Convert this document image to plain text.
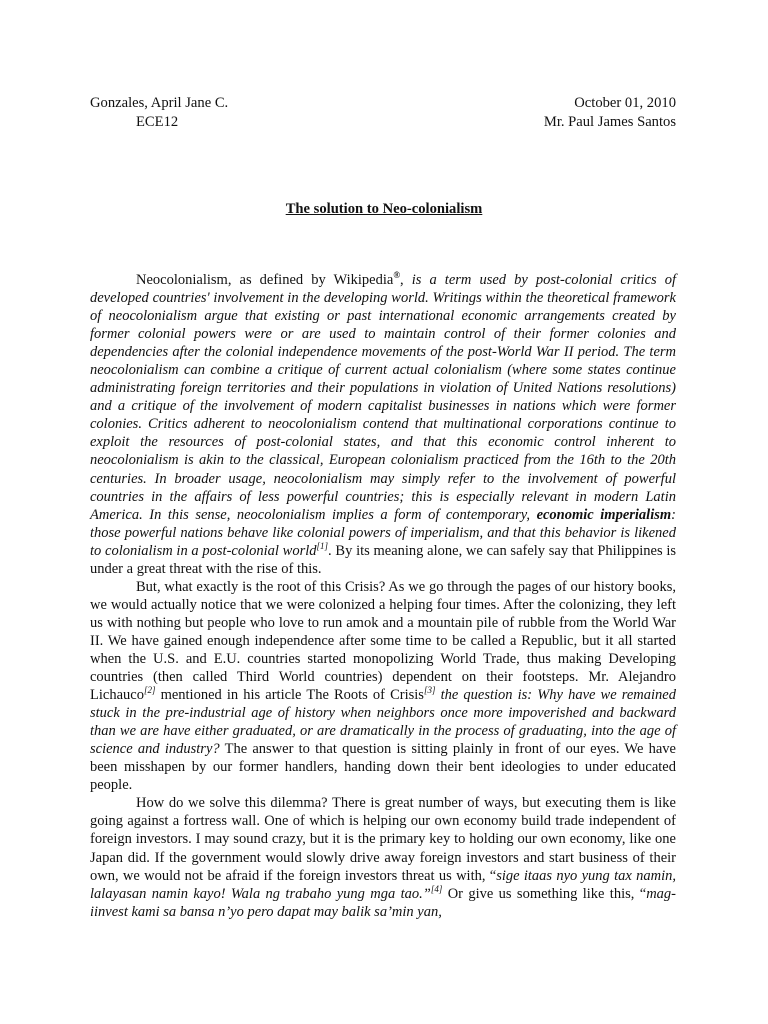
Gonzales, April Jane C.	October 01, 2010
ECE12	Mr. Paul James Santos
The solution to Neo-colonialism

Neocolonialism, as defined by Wikipedia®, is a term used by post-colonial critics of developed countries' involvement in the developing world. Writings within the theoretical framework of neocolonialism argue that existing or past international economic arrangements created by former colonial powers were or are used to maintain control of their former colonies and dependencies after the colonial independence movements of the post-World War II period. The term neocolonialism can combine a critique of current actual colonialism (where some states continue administrating foreign territories and their populations in violation of United Nations resolutions) and a critique of the involvement of modern capitalist businesses in nations which were former colonies. Critics adherent to neocolonialism contend that multinational corporations continue to exploit the resources of post-colonial states, and that this economic control inherent to neocolonialism is akin to the classical, European colonialism practiced from the 16th to the 20th centuries. In broader usage, neocolonialism may simply refer to the involvement of powerful countries in the affairs of less powerful countries; this is especially relevant in modern Latin America. In this sense, neocolonialism implies a form of contemporary, economic imperialism: those powerful nations behave like colonial powers of imperialism, and that this behavior is likened to colonialism in a post-colonial world[1]. By its meaning alone, we can safely say that Philippines is under a great threat with the rise of this.

But, what exactly is the root of this Crisis? As we go through the pages of our history books, we would actually notice that we were colonized a helping four times. After the colonizing, they left us with nothing but people who love to run amok and a mountain pile of rubble from the World War II. We have gained enough independence after some time to be called a Republic, but it all started when the U.S. and E.U. countries started monopolizing World Trade, thus making Developing countries (then called Third World countries) dependent on their footsteps. Mr. Alejandro Lichauco[2] mentioned in his article The Roots of Crisis[3] the question is: Why have we remained stuck in the pre-industrial age of history when neighbors once more impoverished and backward than we are have either graduated, or are dramatically in the process of graduating, into the age of science and industry? The answer to that question is sitting plainly in front of our eyes. We have been misshapen by our former handlers, handing down their bent ideologies to under educated people.

How do we solve this dilemma? There is great number of ways, but executing them is like going against a fortress wall. One of which is helping our own economy build trade independent of foreign investors. I may sound crazy, but it is the primary key to holding our own economy, like one Japan did. If the government would slowly drive away foreign investors and start business of their own, we would not be afraid if the foreign investors threat us with, “sige itaas nyo yung tax namin, lalayasan namin kayo! Wala ng trabaho yung mga tao.”[4] Or give us something like this, “mag-iinvest kami sa bansa n’yo pero dapat may balik sa’min yan,
